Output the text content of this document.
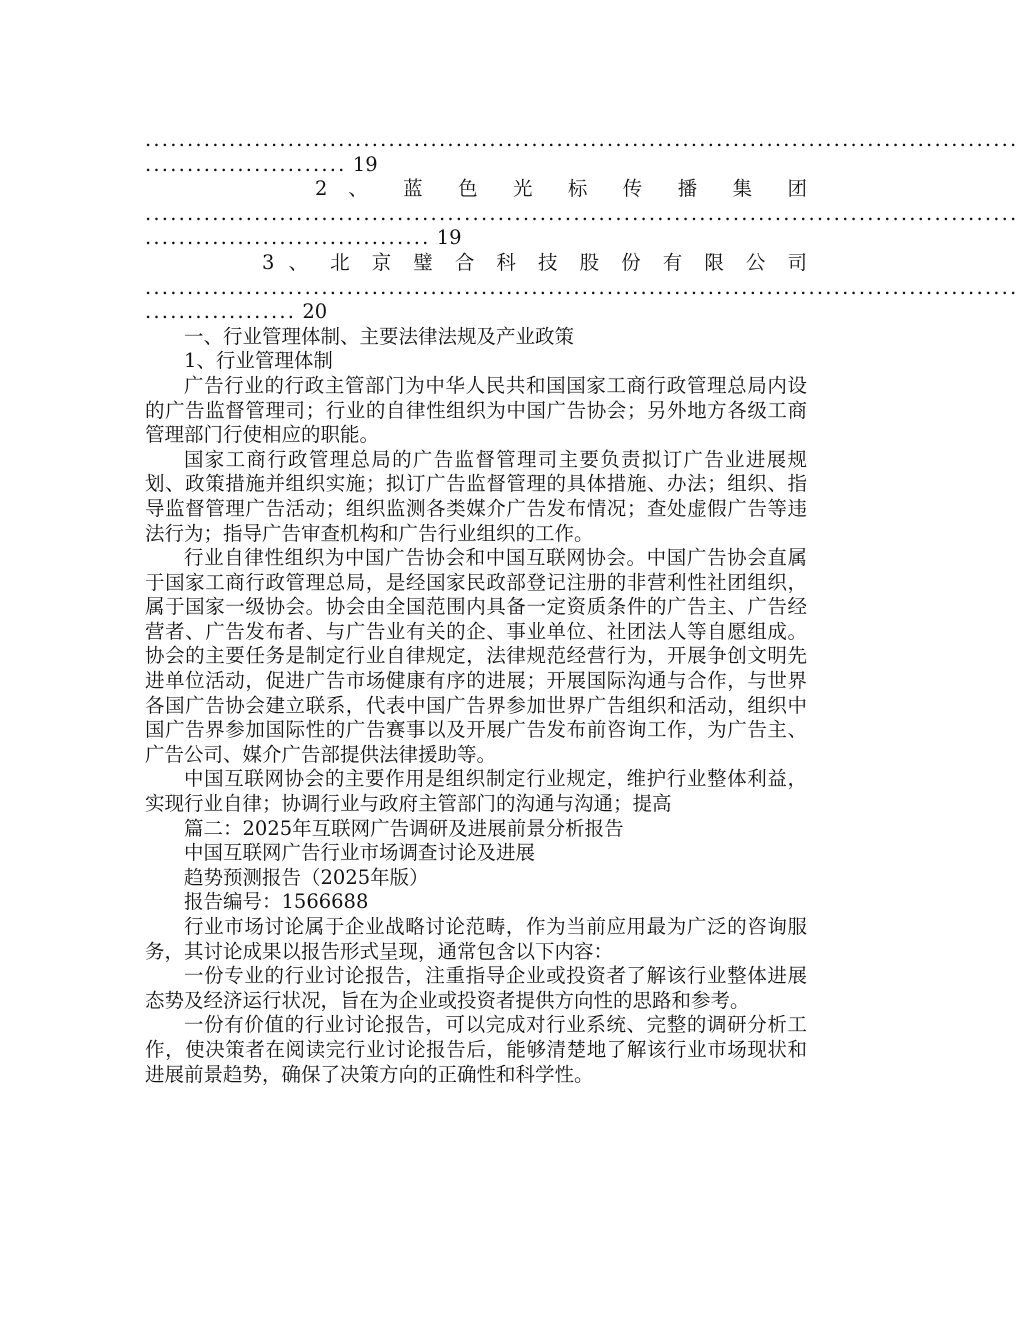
........................................................................................................
........................ 19
2 、 蓝 色 光 标 传 播 集 团
........................................................................................................
.................................. 19
3 、 北 京 璧 合 科 技 股 份 有 限 公 司
........................................................................................................
.................. 20
一、行业管理体制、主要法律法规及产业政策
1、行业管理体制

广告行业的行政主管部门为中华人民共和国国家工商行政管理总局内设的广告监督管理司；行业的自律性组织为中国广告协会；另外地方各级工商管理部门行使相应的职能。

国家工商行政管理总局的广告监督管理司主要负责拟订广告业进展规划、政策措施并组织实施；拟订广告监督管理的具体措施、办法；组织、指导监督管理广告活动；组织监测各类媒介广告发布情况；查处虚假广告等违法行为；指导广告审查机构和广告行业组织的工作。

行业自律性组织为中国广告协会和中国互联网协会。中国广告协会直属于国家工商行政管理总局，是经国家民政部登记注册的非营利性社团组织，属于国家一级协会。协会由全国范围内具备一定资质条件的广告主、广告经营者、广告发布者、与广告业有关的企、事业单位、社团法人等自愿组成。协会的主要任务是制定行业自律规定，法律规范经营行为，开展争创文明先进单位活动，促进广告市场健康有序的进展；开展国际沟通与合作，与世界各国广告协会建立联系，代表中国广告界参加世界广告组织和活动，组织中国广告界参加国际性的广告赛事以及开展广告发布前咨询工作，为广告主、广告公司、媒介广告部提供法律援助等。

中国互联网协会的主要作用是组织制定行业规定，维护行业整体利益，实现行业自律；协调行业与政府主管部门的沟通与沟通；提高

篇二：2025年互联网广告调研及进展前景分析报告
中国互联网广告行业市场调查讨论及进展
趋势预测报告（2025年版）
报告编号：1566688

行业市场讨论属于企业战略讨论范畴，作为当前应用最为广泛的咨询服务，其讨论成果以报告形式呈现，通常包含以下内容：

一份专业的行业讨论报告，注重指导企业或投资者了解该行业整体进展态势及经济运行状况，旨在为企业或投资者提供方向性的思路和参考。

一份有价值的行业讨论报告，可以完成对行业系统、完整的调研分析工作，使决策者在阅读完行业讨论报告后，能够清楚地了解该行业市场现状和进展前景趋势，确保了决策方向的正确性和科学性。
